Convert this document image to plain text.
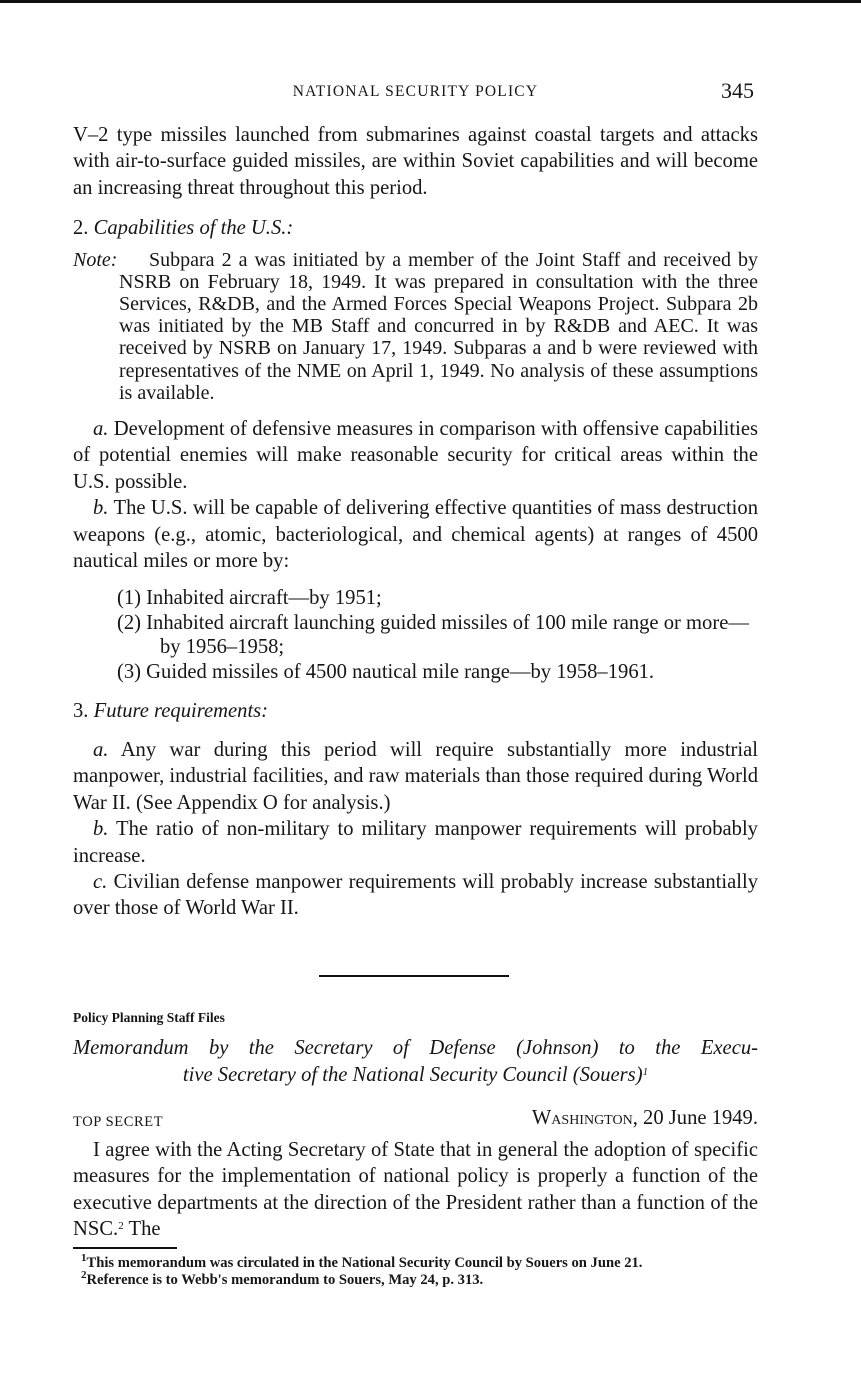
NATIONAL SECURITY POLICY	345

V–2 type missiles launched from submarines against coastal targets and attacks with air-to-surface guided missiles, are within Soviet capabilities and will become an increasing threat throughout this period.

2. Capabilities of the U.S.:

Note: Subpara 2 a was initiated by a member of the Joint Staff and received by NSRB on February 18, 1949. It was prepared in consultation with the three Services, R&DB, and the Armed Forces Special Weapons Project. Subpara 2b was initiated by the MB Staff and concurred in by R&DB and AEC. It was received by NSRB on January 17, 1949. Subparas a and b were reviewed with representatives of the NME on April 1, 1949. No analysis of these assumptions is available.

a. Development of defensive measures in comparison with offensive capabilities of potential enemies will make reasonable security for critical areas within the U.S. possible.

b. The U.S. will be capable of delivering effective quantities of mass destruction weapons (e.g., atomic, bacteriological, and chemical agents) at ranges of 4500 nautical miles or more by:

(1) Inhabited aircraft—by 1951;
(2) Inhabited aircraft launching guided missiles of 100 mile range or more—by 1956–1958;
(3) Guided missiles of 4500 nautical mile range—by 1958–1961.

3. Future requirements:

a. Any war during this period will require substantially more industrial manpower, industrial facilities, and raw materials than those required during World War II. (See Appendix O for analysis.)

b. The ratio of non-military to military manpower requirements will probably increase.

c. Civilian defense manpower requirements will probably increase substantially over those of World War II.

Policy Planning Staff Files
Memorandum by the Secretary of Defense (Johnson) to the Execu-
tive Secretary of the National Security Council (Souers)$^1$
TOP SECRET	Washington, 20 June 1949.

I agree with the Acting Secretary of State that in general the adoption of specific measures for the implementation of national policy is properly a function of the executive departments at the direction of the President rather than a function of the NSC.$^2$ The

$^1$This memorandum was circulated in the National Security Council by Souers on June 21.
$^2$Reference is to Webb's memorandum to Souers, May 24, p. 313.
